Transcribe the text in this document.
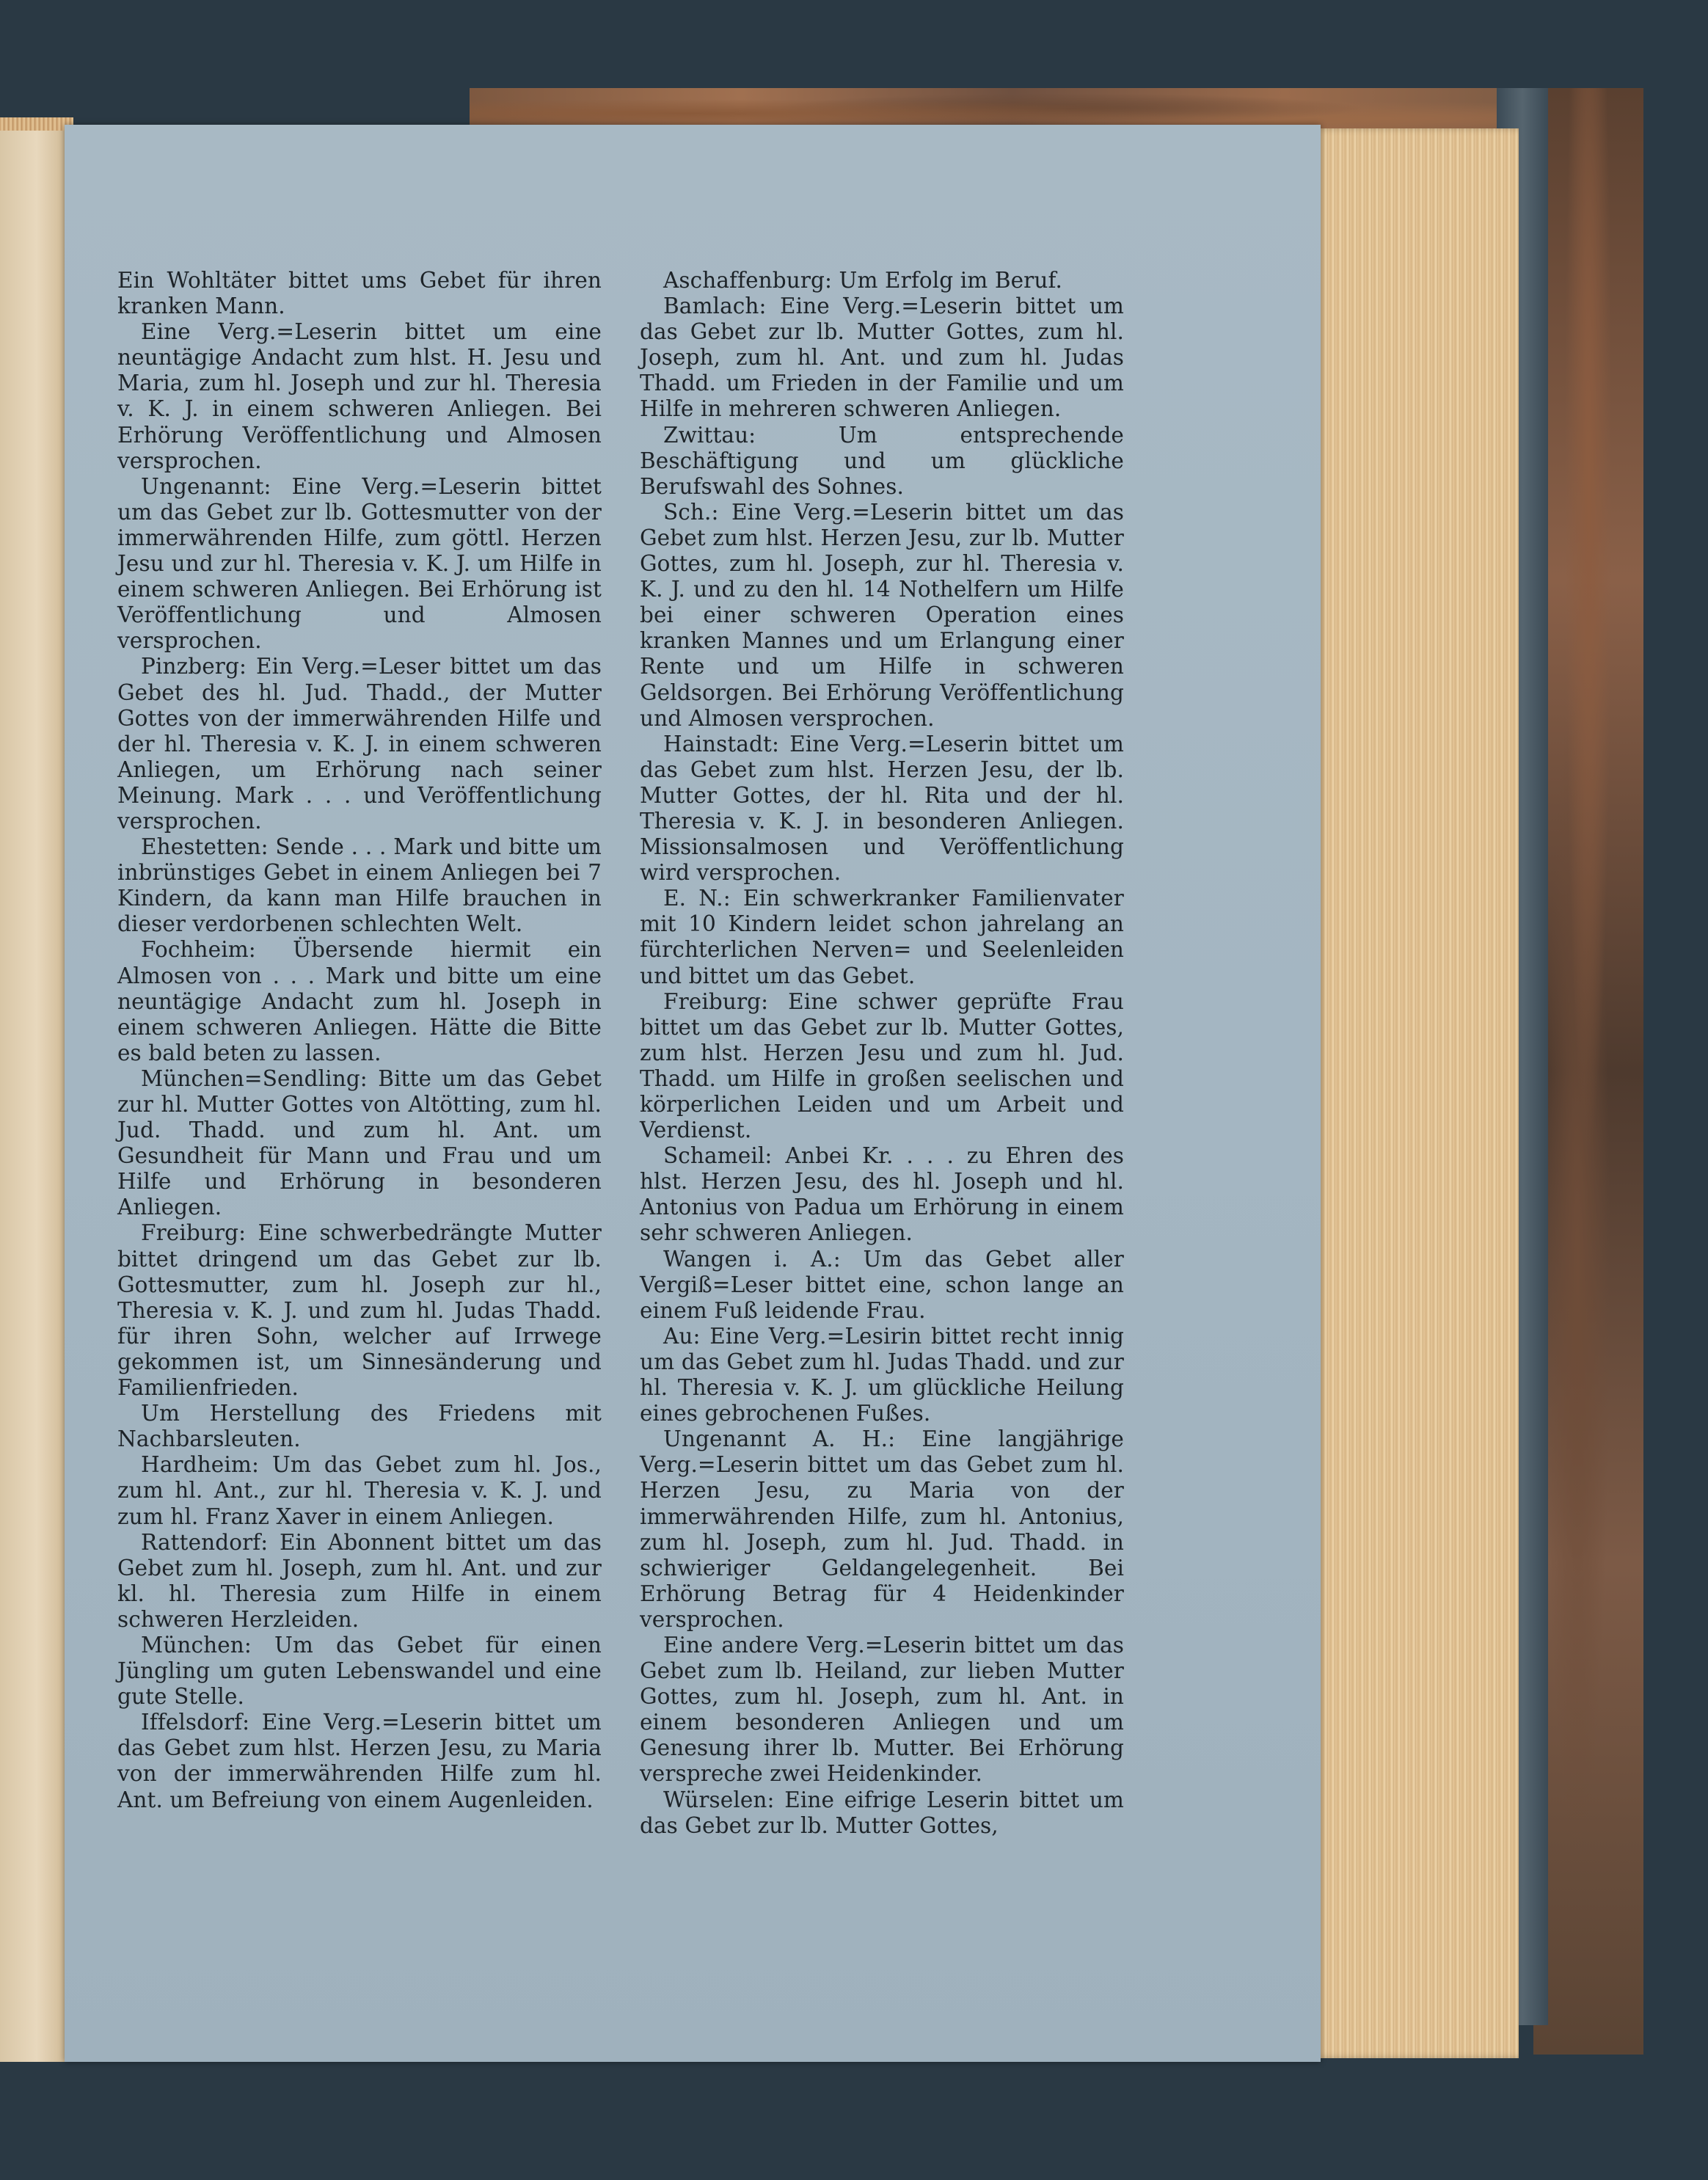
Ein Wohltäter bittet ums Gebet für ihren kranken Mann.

Eine Verg.=Leserin bittet um eine neuntägige Andacht zum hlst. H. Jesu und Maria, zum hl. Joseph und zur hl. Theresia v. K. J. in einem schweren Anliegen. Bei Erhörung Veröffentlichung und Almosen versprochen.

Ungenannt: Eine Verg.=Leserin bittet um das Gebet zur lb. Gottesmutter von der immerwährenden Hilfe, zum göttl. Herzen Jesu und zur hl. Theresia v. K. J. um Hilfe in einem schweren Anliegen. Bei Erhörung ist Veröffentlichung und Almosen versprochen.

Pinzberg: Ein Verg.=Leser bittet um das Gebet des hl. Jud. Thadd., der Mutter Gottes von der immerwährenden Hilfe und der hl. Theresia v. K. J. in einem schweren Anliegen, um Erhörung nach seiner Meinung. Mark . . . und Veröffentlichung versprochen.

Ehestetten: Sende . . . Mark und bitte um inbrünstiges Gebet in einem Anliegen bei 7 Kindern, da kann man Hilfe brauchen in dieser verdorbenen schlechten Welt.

Fochheim: Übersende hiermit ein Almosen von . . . Mark und bitte um eine neuntägige Andacht zum hl. Joseph in einem schweren Anliegen. Hätte die Bitte es bald beten zu lassen.

München=Sendling: Bitte um das Gebet zur hl. Mutter Gottes von Altötting, zum hl. Jud. Thadd. und zum hl. Ant. um Gesundheit für Mann und Frau und um Hilfe und Erhörung in besonderen Anliegen.

Freiburg: Eine schwerbedrängte Mutter bittet dringend um das Gebet zur lb. Gottesmutter, zum hl. Joseph zur hl., Theresia v. K. J. und zum hl. Judas Thadd. für ihren Sohn, welcher auf Irrwege gekommen ist, um Sinnesänderung und Familienfrieden.

Um Herstellung des Friedens mit Nachbarsleuten.

Hardheim: Um das Gebet zum hl. Jos., zum hl. Ant., zur hl. Theresia v. K. J. und zum hl. Franz Xaver in einem Anliegen.

Rattendorf: Ein Abonnent bittet um das Gebet zum hl. Joseph, zum hl. Ant. und zur kl. hl. Theresia zum Hilfe in einem schweren Herzleiden.

München: Um das Gebet für einen Jüngling um guten Lebenswandel und eine gute Stelle.

Iffelsdorf: Eine Verg.=Leserin bittet um das Gebet zum hlst. Herzen Jesu, zu Maria von der immerwährenden Hilfe zum hl. Ant. um Befreiung von einem Augenleiden.

Aschaffenburg: Um Erfolg im Beruf.

Bamlach: Eine Verg.=Leserin bittet um das Gebet zur lb. Mutter Gottes, zum hl. Joseph, zum hl. Ant. und zum hl. Judas Thadd. um Frieden in der Familie und um Hilfe in mehreren schweren Anliegen.

Zwittau: Um entsprechende Beschäftigung und um glückliche Berufswahl des Sohnes.

Sch.: Eine Verg.=Leserin bittet um das Gebet zum hlst. Herzen Jesu, zur lb. Mutter Gottes, zum hl. Joseph, zur hl. Theresia v. K. J. und zu den hl. 14 Nothelfern um Hilfe bei einer schweren Operation eines kranken Mannes und um Erlangung einer Rente und um Hilfe in schweren Geldsorgen. Bei Erhörung Veröffentlichung und Almosen versprochen.

Hainstadt: Eine Verg.=Leserin bittet um das Gebet zum hlst. Herzen Jesu, der lb. Mutter Gottes, der hl. Rita und der hl. Theresia v. K. J. in besonderen Anliegen. Missionsalmosen und Veröffentlichung wird versprochen.

E. N.: Ein schwerkranker Familienvater mit 10 Kindern leidet schon jahrelang an fürchterlichen Nerven= und Seelenleiden und bittet um das Gebet.

Freiburg: Eine schwer geprüfte Frau bittet um das Gebet zur lb. Mutter Gottes, zum hlst. Herzen Jesu und zum hl. Jud. Thadd. um Hilfe in großen seelischen und körperlichen Leiden und um Arbeit und Verdienst.

Schameil: Anbei Kr. . . . zu Ehren des hlst. Herzen Jesu, des hl. Joseph und hl. Antonius von Padua um Erhörung in einem sehr schweren Anliegen.

Wangen i. A.: Um das Gebet aller Vergiß=Leser bittet eine, schon lange an einem Fuß leidende Frau.

Au: Eine Verg.=Lesirin bittet recht innig um das Gebet zum hl. Judas Thadd. und zur hl. Theresia v. K. J. um glückliche Heilung eines gebrochenen Fußes.

Ungenannt A. H.: Eine langjährige Verg.=Leserin bittet um das Gebet zum hl. Herzen Jesu, zu Maria von der immerwährenden Hilfe, zum hl. Antonius, zum hl. Joseph, zum hl. Jud. Thadd. in schwieriger Geldangelegenheit. Bei Erhörung Betrag für 4 Heidenkinder versprochen.

Eine andere Verg.=Leserin bittet um das Gebet zum lb. Heiland, zur lieben Mutter Gottes, zum hl. Joseph, zum hl. Ant. in einem besonderen Anliegen und um Genesung ihrer lb. Mutter. Bei Erhörung verspreche zwei Heidenkinder.

Würselen: Eine eifrige Leserin bittet um das Gebet zur lb. Mutter Gottes,
